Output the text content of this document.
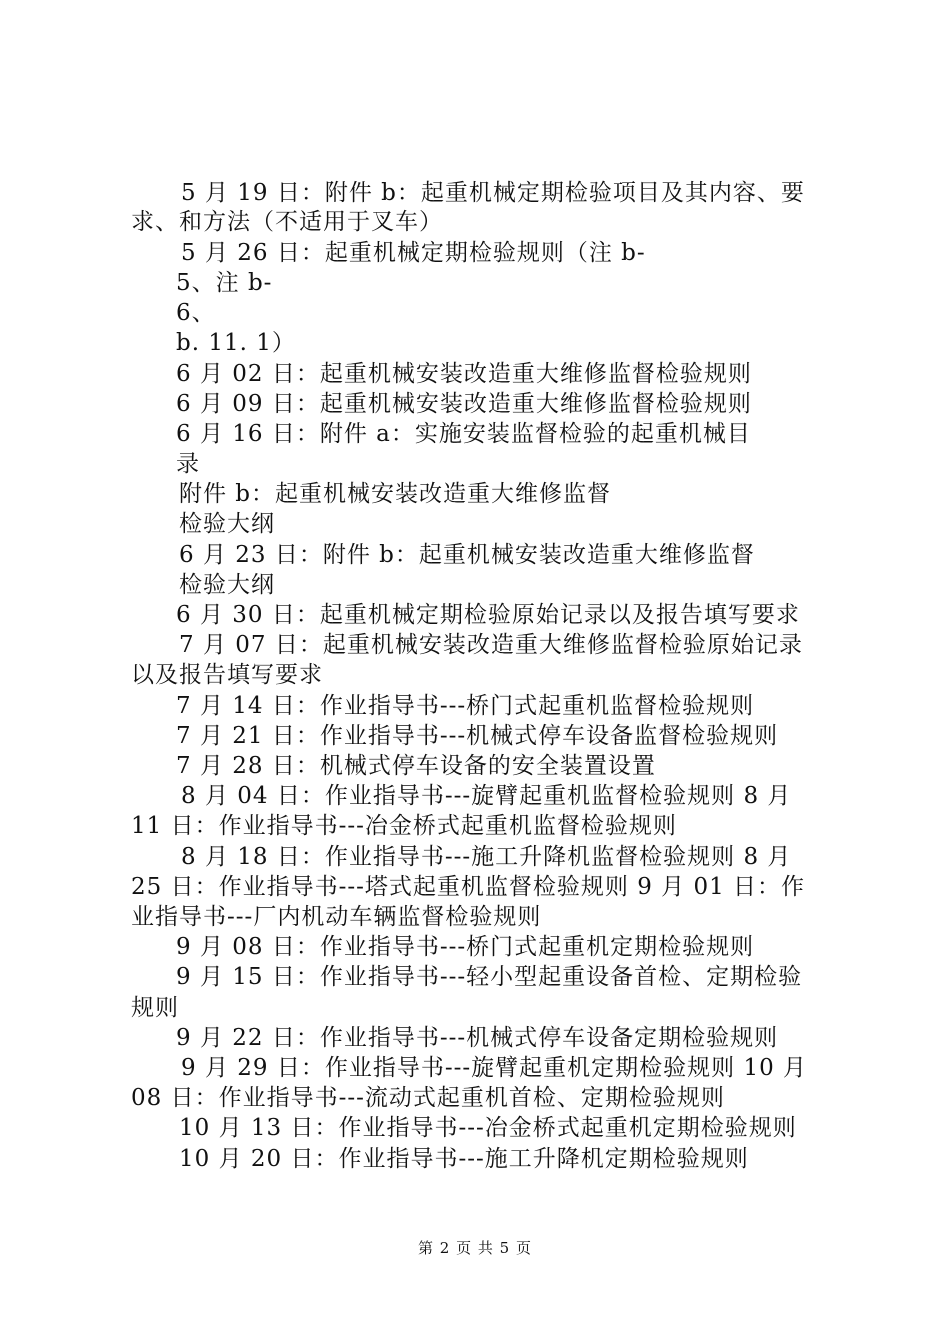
5 月 19 日：附件 b：起重机械定期检验项目及其内容、要
求、和方法（不适用于叉车）
5 月 26 日：起重机械定期检验规则（注 b-
5、注 b-
6、
b. 11. 1）
6 月 02 日：起重机械安装改造重大维修监督检验规则
6 月 09 日：起重机械安装改造重大维修监督检验规则
6 月 16 日：附件 a：实施安装监督检验的起重机械目
录
附件 b：起重机械安装改造重大维修监督
检验大纲
6 月 23 日：附件 b：起重机械安装改造重大维修监督
检验大纲
6 月 30 日：起重机械定期检验原始记录以及报告填写要求
7 月 07 日：起重机械安装改造重大维修监督检验原始记录
以及报告填写要求
7 月 14 日：作业指导书---桥门式起重机监督检验规则
7 月 21 日：作业指导书---机械式停车设备监督检验规则
7 月 28 日：机械式停车设备的安全装置设置
8 月 04 日：作业指导书---旋臂起重机监督检验规则 8 月
11 日：作业指导书---冶金桥式起重机监督检验规则
8 月 18 日：作业指导书---施工升降机监督检验规则 8 月
25 日：作业指导书---塔式起重机监督检验规则 9 月 01 日：作
业指导书---厂内机动车辆监督检验规则
9 月 08 日：作业指导书---桥门式起重机定期检验规则
9 月 15 日：作业指导书---轻小型起重设备首检、定期检验
规则
9 月 22 日：作业指导书---机械式停车设备定期检验规则
9 月 29 日：作业指导书---旋臂起重机定期检验规则 10 月
08 日：作业指导书---流动式起重机首检、定期检验规则
10 月 13 日：作业指导书---冶金桥式起重机定期检验规则
10 月 20 日：作业指导书---施工升降机定期检验规则
第 2 页 共 5 页
